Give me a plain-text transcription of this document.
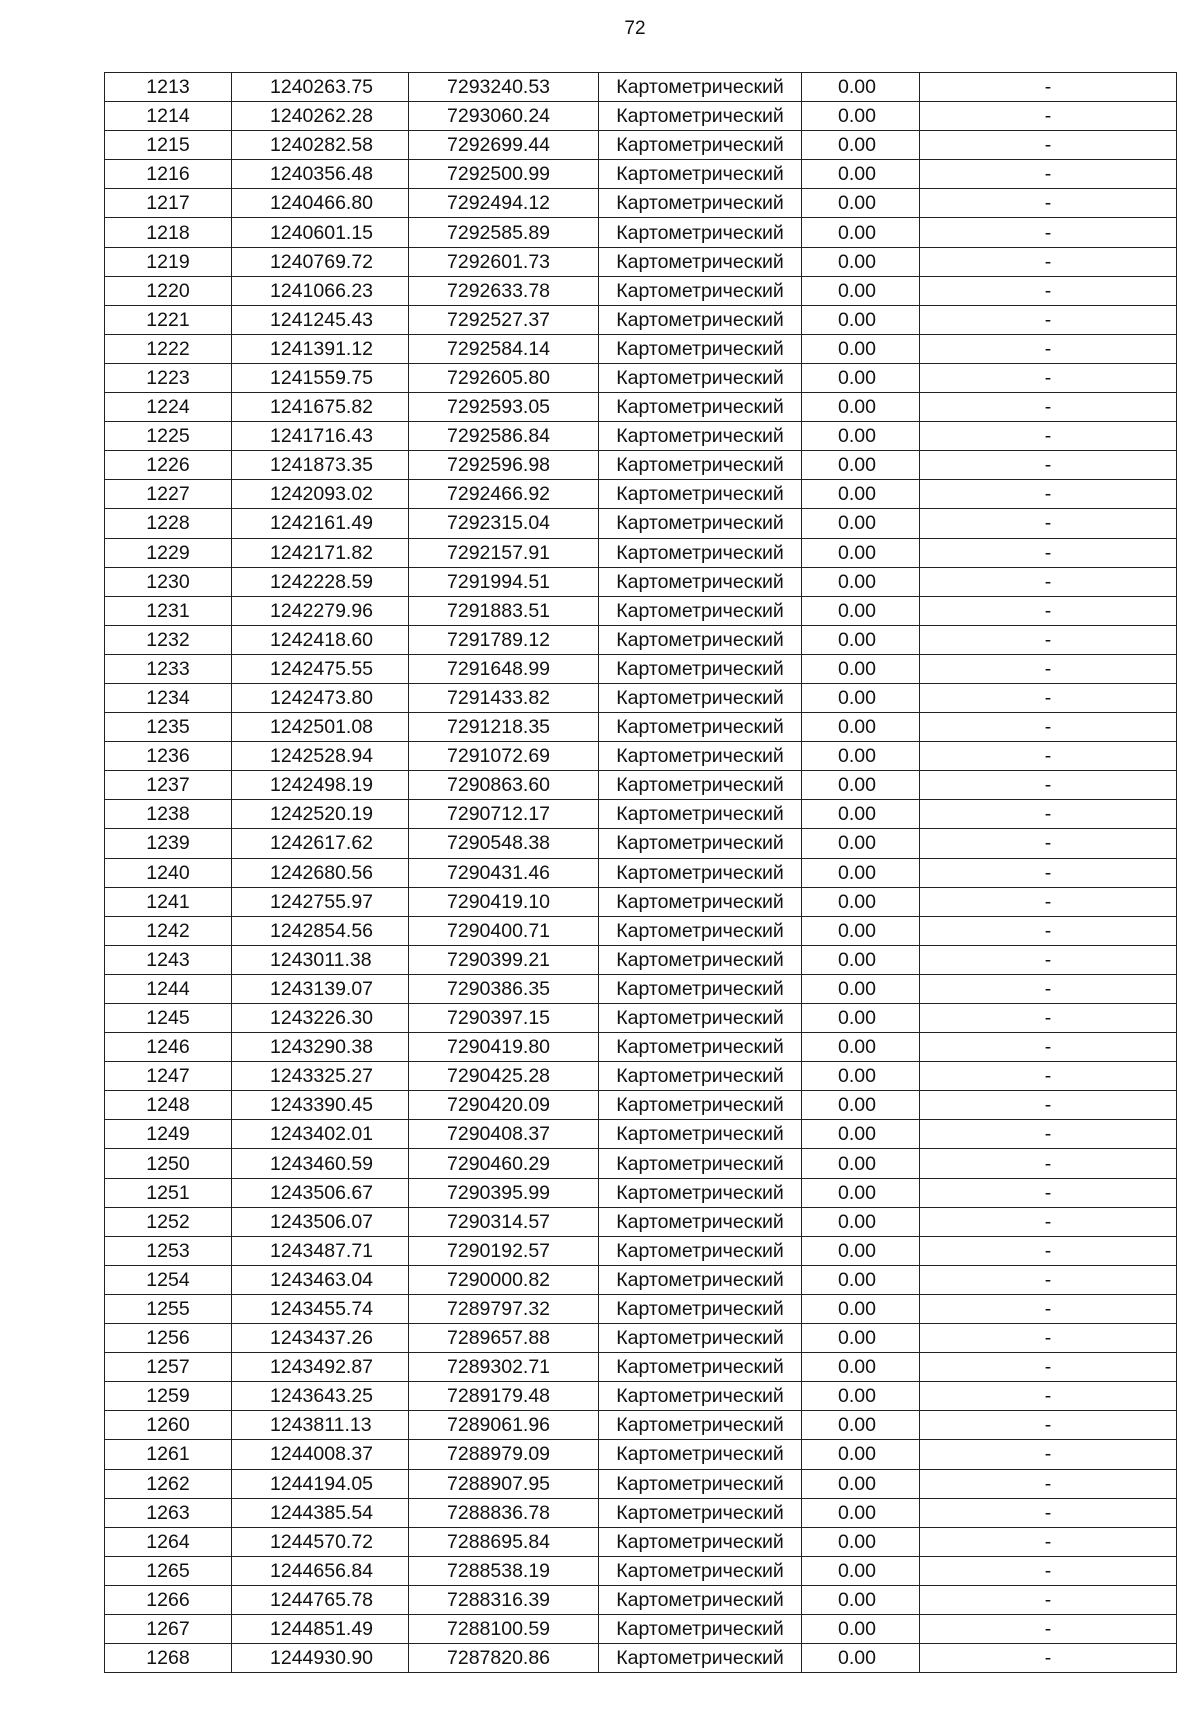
72
1213	1240263.75	7293240.53	Картометрический	0.00	-
1214	1240262.28	7293060.24	Картометрический	0.00	-
1215	1240282.58	7292699.44	Картометрический	0.00	-
1216	1240356.48	7292500.99	Картометрический	0.00	-
1217	1240466.80	7292494.12	Картометрический	0.00	-
1218	1240601.15	7292585.89	Картометрический	0.00	-
1219	1240769.72	7292601.73	Картометрический	0.00	-
1220	1241066.23	7292633.78	Картометрический	0.00	-
1221	1241245.43	7292527.37	Картометрический	0.00	-
1222	1241391.12	7292584.14	Картометрический	0.00	-
1223	1241559.75	7292605.80	Картометрический	0.00	-
1224	1241675.82	7292593.05	Картометрический	0.00	-
1225	1241716.43	7292586.84	Картометрический	0.00	-
1226	1241873.35	7292596.98	Картометрический	0.00	-
1227	1242093.02	7292466.92	Картометрический	0.00	-
1228	1242161.49	7292315.04	Картометрический	0.00	-
1229	1242171.82	7292157.91	Картометрический	0.00	-
1230	1242228.59	7291994.51	Картометрический	0.00	-
1231	1242279.96	7291883.51	Картометрический	0.00	-
1232	1242418.60	7291789.12	Картометрический	0.00	-
1233	1242475.55	7291648.99	Картометрический	0.00	-
1234	1242473.80	7291433.82	Картометрический	0.00	-
1235	1242501.08	7291218.35	Картометрический	0.00	-
1236	1242528.94	7291072.69	Картометрический	0.00	-
1237	1242498.19	7290863.60	Картометрический	0.00	-
1238	1242520.19	7290712.17	Картометрический	0.00	-
1239	1242617.62	7290548.38	Картометрический	0.00	-
1240	1242680.56	7290431.46	Картометрический	0.00	-
1241	1242755.97	7290419.10	Картометрический	0.00	-
1242	1242854.56	7290400.71	Картометрический	0.00	-
1243	1243011.38	7290399.21	Картометрический	0.00	-
1244	1243139.07	7290386.35	Картометрический	0.00	-
1245	1243226.30	7290397.15	Картометрический	0.00	-
1246	1243290.38	7290419.80	Картометрический	0.00	-
1247	1243325.27	7290425.28	Картометрический	0.00	-
1248	1243390.45	7290420.09	Картометрический	0.00	-
1249	1243402.01	7290408.37	Картометрический	0.00	-
1250	1243460.59	7290460.29	Картометрический	0.00	-
1251	1243506.67	7290395.99	Картометрический	0.00	-
1252	1243506.07	7290314.57	Картометрический	0.00	-
1253	1243487.71	7290192.57	Картометрический	0.00	-
1254	1243463.04	7290000.82	Картометрический	0.00	-
1255	1243455.74	7289797.32	Картометрический	0.00	-
1256	1243437.26	7289657.88	Картометрический	0.00	-
1257	1243492.87	7289302.71	Картометрический	0.00	-
1259	1243643.25	7289179.48	Картометрический	0.00	-
1260	1243811.13	7289061.96	Картометрический	0.00	-
1261	1244008.37	7288979.09	Картометрический	0.00	-
1262	1244194.05	7288907.95	Картометрический	0.00	-
1263	1244385.54	7288836.78	Картометрический	0.00	-
1264	1244570.72	7288695.84	Картометрический	0.00	-
1265	1244656.84	7288538.19	Картометрический	0.00	-
1266	1244765.78	7288316.39	Картометрический	0.00	-
1267	1244851.49	7288100.59	Картометрический	0.00	-
1268	1244930.90	7287820.86	Картометрический	0.00	-
